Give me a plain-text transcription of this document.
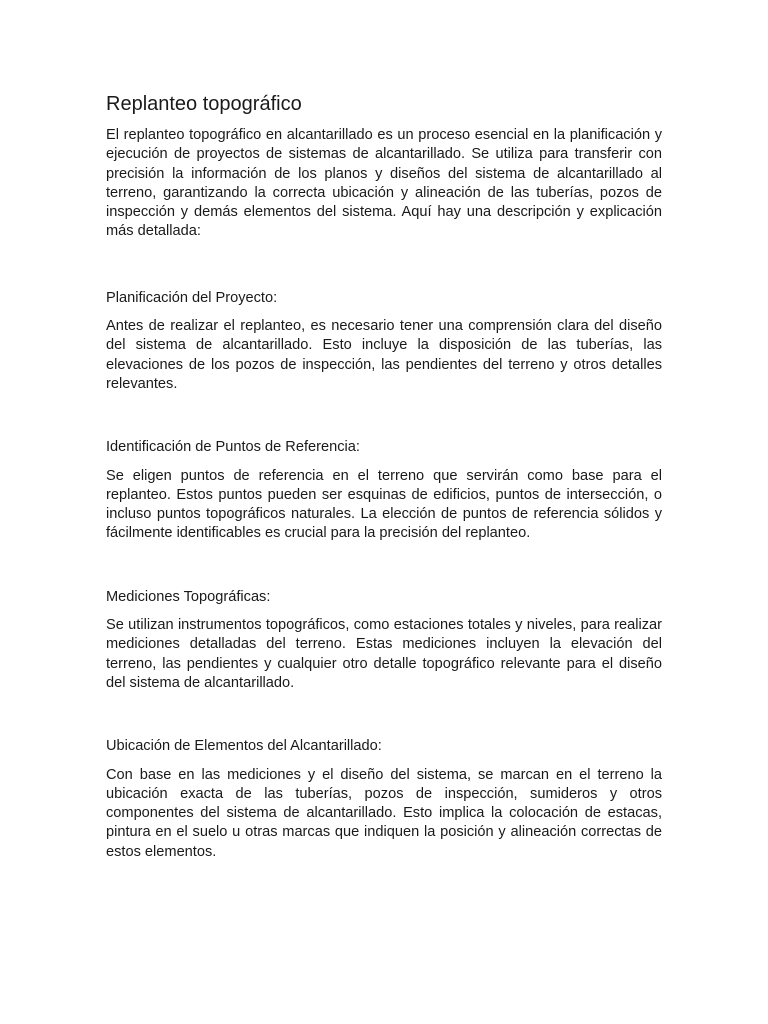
Replanteo topográfico

El replanteo topográfico en alcantarillado es un proceso esencial en la planificación y ejecución de proyectos de sistemas de alcantarillado. Se utiliza para transferir con precisión la información de los planos y diseños del sistema de alcantarillado al terreno, garantizando la correcta ubicación y alineación de las tuberías, pozos de inspección y demás elementos del sistema. Aquí hay una descripción y explicación más detallada:

Planificación del Proyecto:

Antes de realizar el replanteo, es necesario tener una comprensión clara del diseño del sistema de alcantarillado. Esto incluye la disposición de las tuberías, las elevaciones de los pozos de inspección, las pendientes del terreno y otros detalles relevantes.

Identificación de Puntos de Referencia:

Se eligen puntos de referencia en el terreno que servirán como base para el replanteo. Estos puntos pueden ser esquinas de edificios, puntos de intersección, o incluso puntos topográficos naturales. La elección de puntos de referencia sólidos y fácilmente identificables es crucial para la precisión del replanteo.

Mediciones Topográficas:

Se utilizan instrumentos topográficos, como estaciones totales y niveles, para realizar mediciones detalladas del terreno. Estas mediciones incluyen la elevación del terreno, las pendientes y cualquier otro detalle topográfico relevante para el diseño del sistema de alcantarillado.

Ubicación de Elementos del Alcantarillado:

Con base en las mediciones y el diseño del sistema, se marcan en el terreno la ubicación exacta de las tuberías, pozos de inspección, sumideros y otros componentes del sistema de alcantarillado. Esto implica la colocación de estacas, pintura en el suelo u otras marcas que indiquen la posición y alineación correctas de estos elementos.
